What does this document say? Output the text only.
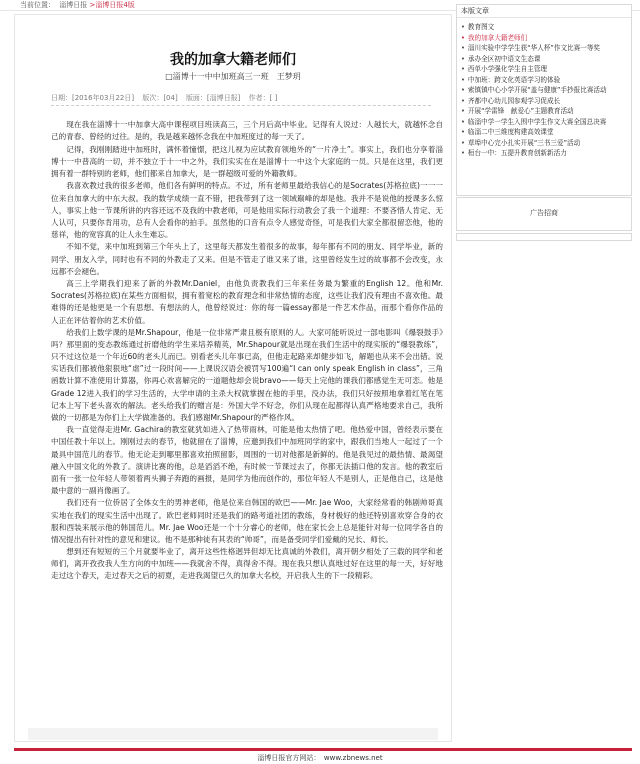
当前位置： 淄博日报 >淄博日报4版
我的加拿大籍老师们
□淄博十一中中加班高三一班　王梦玥
日期：[2016年03月22日] 版次：[04] 版面：[淄博日报] 作者：[ ]

现在我在淄博十一中加拿大高中课程项目班读高三，三个月后高中毕业。记得有人说过：人越长大，就越怀念自己的青春、曾经的过往。是的，我是越来越怀念我在中加班度过的每一天了。

记得，我刚刚踏进中加班时，满怀着憧憬，把这儿视为应试教育领地外的“一片净土”。事实上，我们也分享着淄博十一中普高的一切，并不独立于十一中之外，我们实实在在是淄博十一中这个大家庭的一员。只是在这里，我们更拥有着一群特别的老师，他们都来自加拿大，是一群超级可爱的外籍教师。

我喜欢教过我的很多老师，他们各有鲜明的特点。不过，所有老师里最给我信心的是Socrates(苏格拉底)一一一位来自加拿大的中东大叔。我的数学成绩一直不错，把我带到了这一领域巅峰的却是他。我并不是说他的授课多么惊人，事实上他一节课所讲的内容还远不及我的中教老师，可是他用实际行动教会了我一个道理：不要吝惜人肯定、无人认可，只要你肯用功，总有人会看你的拍手。虽然他的口音有点令人感觉奇怪，可是我们大家全都很留恋他，他的慈祥，他的宽容真的让人永生难忘。

不知不觉，来中加班到第三个年头上了，这里每天都发生着很多的故事，每年都有不同的朋友、同学毕业，新的同学、朋友入学，同时也有不同的外教走了又来。但是不管走了谁又来了谁，这里曾经发生过的故事都不会改变，永远都不会褪色。

高三上学期我们迎来了新的外教Mr.Daniel，由他负责教我们三年来任务最为繁重的English 12。他和Mr. Socrates(苏格拉底)在某些方面相似，拥有着宽松的教育理念和非常热情的态度，这些让我们没有理由不喜欢他。最难得的还是他更是一个有思想、有想法的人，他曾经说过：你的每一篇essay都是一件艺术作品，而那个看你作品的人正在评估着你的艺术价值。

给我们上数学课的是Mr.Shapour，他是一位非常严肃且极有原则的人。大家可能听说过一部电影叫《爆裂鼓手》吗？那里面的变态教练通过折磨他的学生来培养精英，Mr.Shapour就是出现在我们生活中的现实版的“爆裂教练”，只不过这位是一个年近60的老头儿而已。别看老头儿年事已高，但他走起路来却健步如飞，解题也从来不会出错。说实话我们都被他狠狠地“虐”过一段时间——上课说汉语会被罚写100遍“I can only speak English in class”，三角函数计算不准使用计算器，你再心欢喜解完的一道题他却会说bravo——每天上完他的课我们都感觉生无可恋。他是Grade 12进入我们的学习生活的，大学申请的主杀大权就掌握在他的手里，没办法，我们只好按照地拿着红笔在笔记本上写下老头喜欢的解法。老头给我们的赠言是：外国大学不好念，你们从现在起都得认真严格地要求自己，我所做的一切都是为你们上大学做准备的。我们感谢Mr.Shapour的严格作风。

我一直觉得走进Mr. Gachira的教室就犹如进入了热带雨林，可能是他太热情了吧。他热爱中国，曾经表示要在中国任教十年以上。刚刚过去的春节，他就留在了淄博，应邀到我们中加班同学的家中，跟我们当地人一起过了一个最具中国范儿的春节。他无论走到哪里都喜欢拍照留影，周围的一切对他都是新鲜的。他是我见过的最热情、最渴望融入中国文化的外教了。演讲比赛的他，总是滔滔不绝，有时候一节课过去了，你都无法插口他的发言。他的教室后面有一张一位年轻人带领着两头狮子奔跑的画报，是同学为他而创作的，那位年轻人不是别人，正是他自己，这是他最中意的一副肖像画了。

我们还有一位侨居了全体女生的男神老师，他是位来自韩国的欧巴——Mr. Jae Woo，大家经常看的韩剧帅哥真实地在我们的现实生活中出现了。欧巴老师同时还是我们的路考道社团的教练，身材极好的他还特别喜欢穿合身的衣服和西装来展示他的韩国范儿。Mr. Jae Woo还是一个十分睿心的老师，他在家长会上总是能针对每一位同学各自的情况提出有针对性的意见和建议。他不是那种徒有其表的“帅哥”，而是备受同学们爱戴的兄长、师长。

想到还有短短的三个月就要毕业了，离开这些性格迥异但却无比真诚的外教们，离开朝夕相处了三载的同学和老师们，离开孜孜我人生方向的中加班——我就舍不得，真得舍不得。现在我只想认真地过好在这里的每一天，好好地走过这个春天，走过春天之后的初夏，走进我渴望已久的加拿大名校，开启我人生的下一段精彩。

本版文章
• 教育图文
• 我的加拿大籍老师们
• 淄川实验中学学生获“华人杯”作文比赛一等奖
• 承办全区初中语文生态课
• 西单小学强化学生自主管理
• 中加班：跨文化英语学习的体验
• 索镇镇中心小学开展“盖与健康”手抄报比赛活动
• 齐都中心幼儿园参观学习促成长
• 开展“学雷锋　献爱心”主题教育活动
• 临淄中学一学生入围中学生作文大赛全国总决赛
• 临淄二中三维度构建高效课堂
• 草埠中心完小扎实开展“三书三爱”活动
• 桓台一中：五提升教育创新新活力
广告招商
淄博日报官方网站：　www.zbnews.net
